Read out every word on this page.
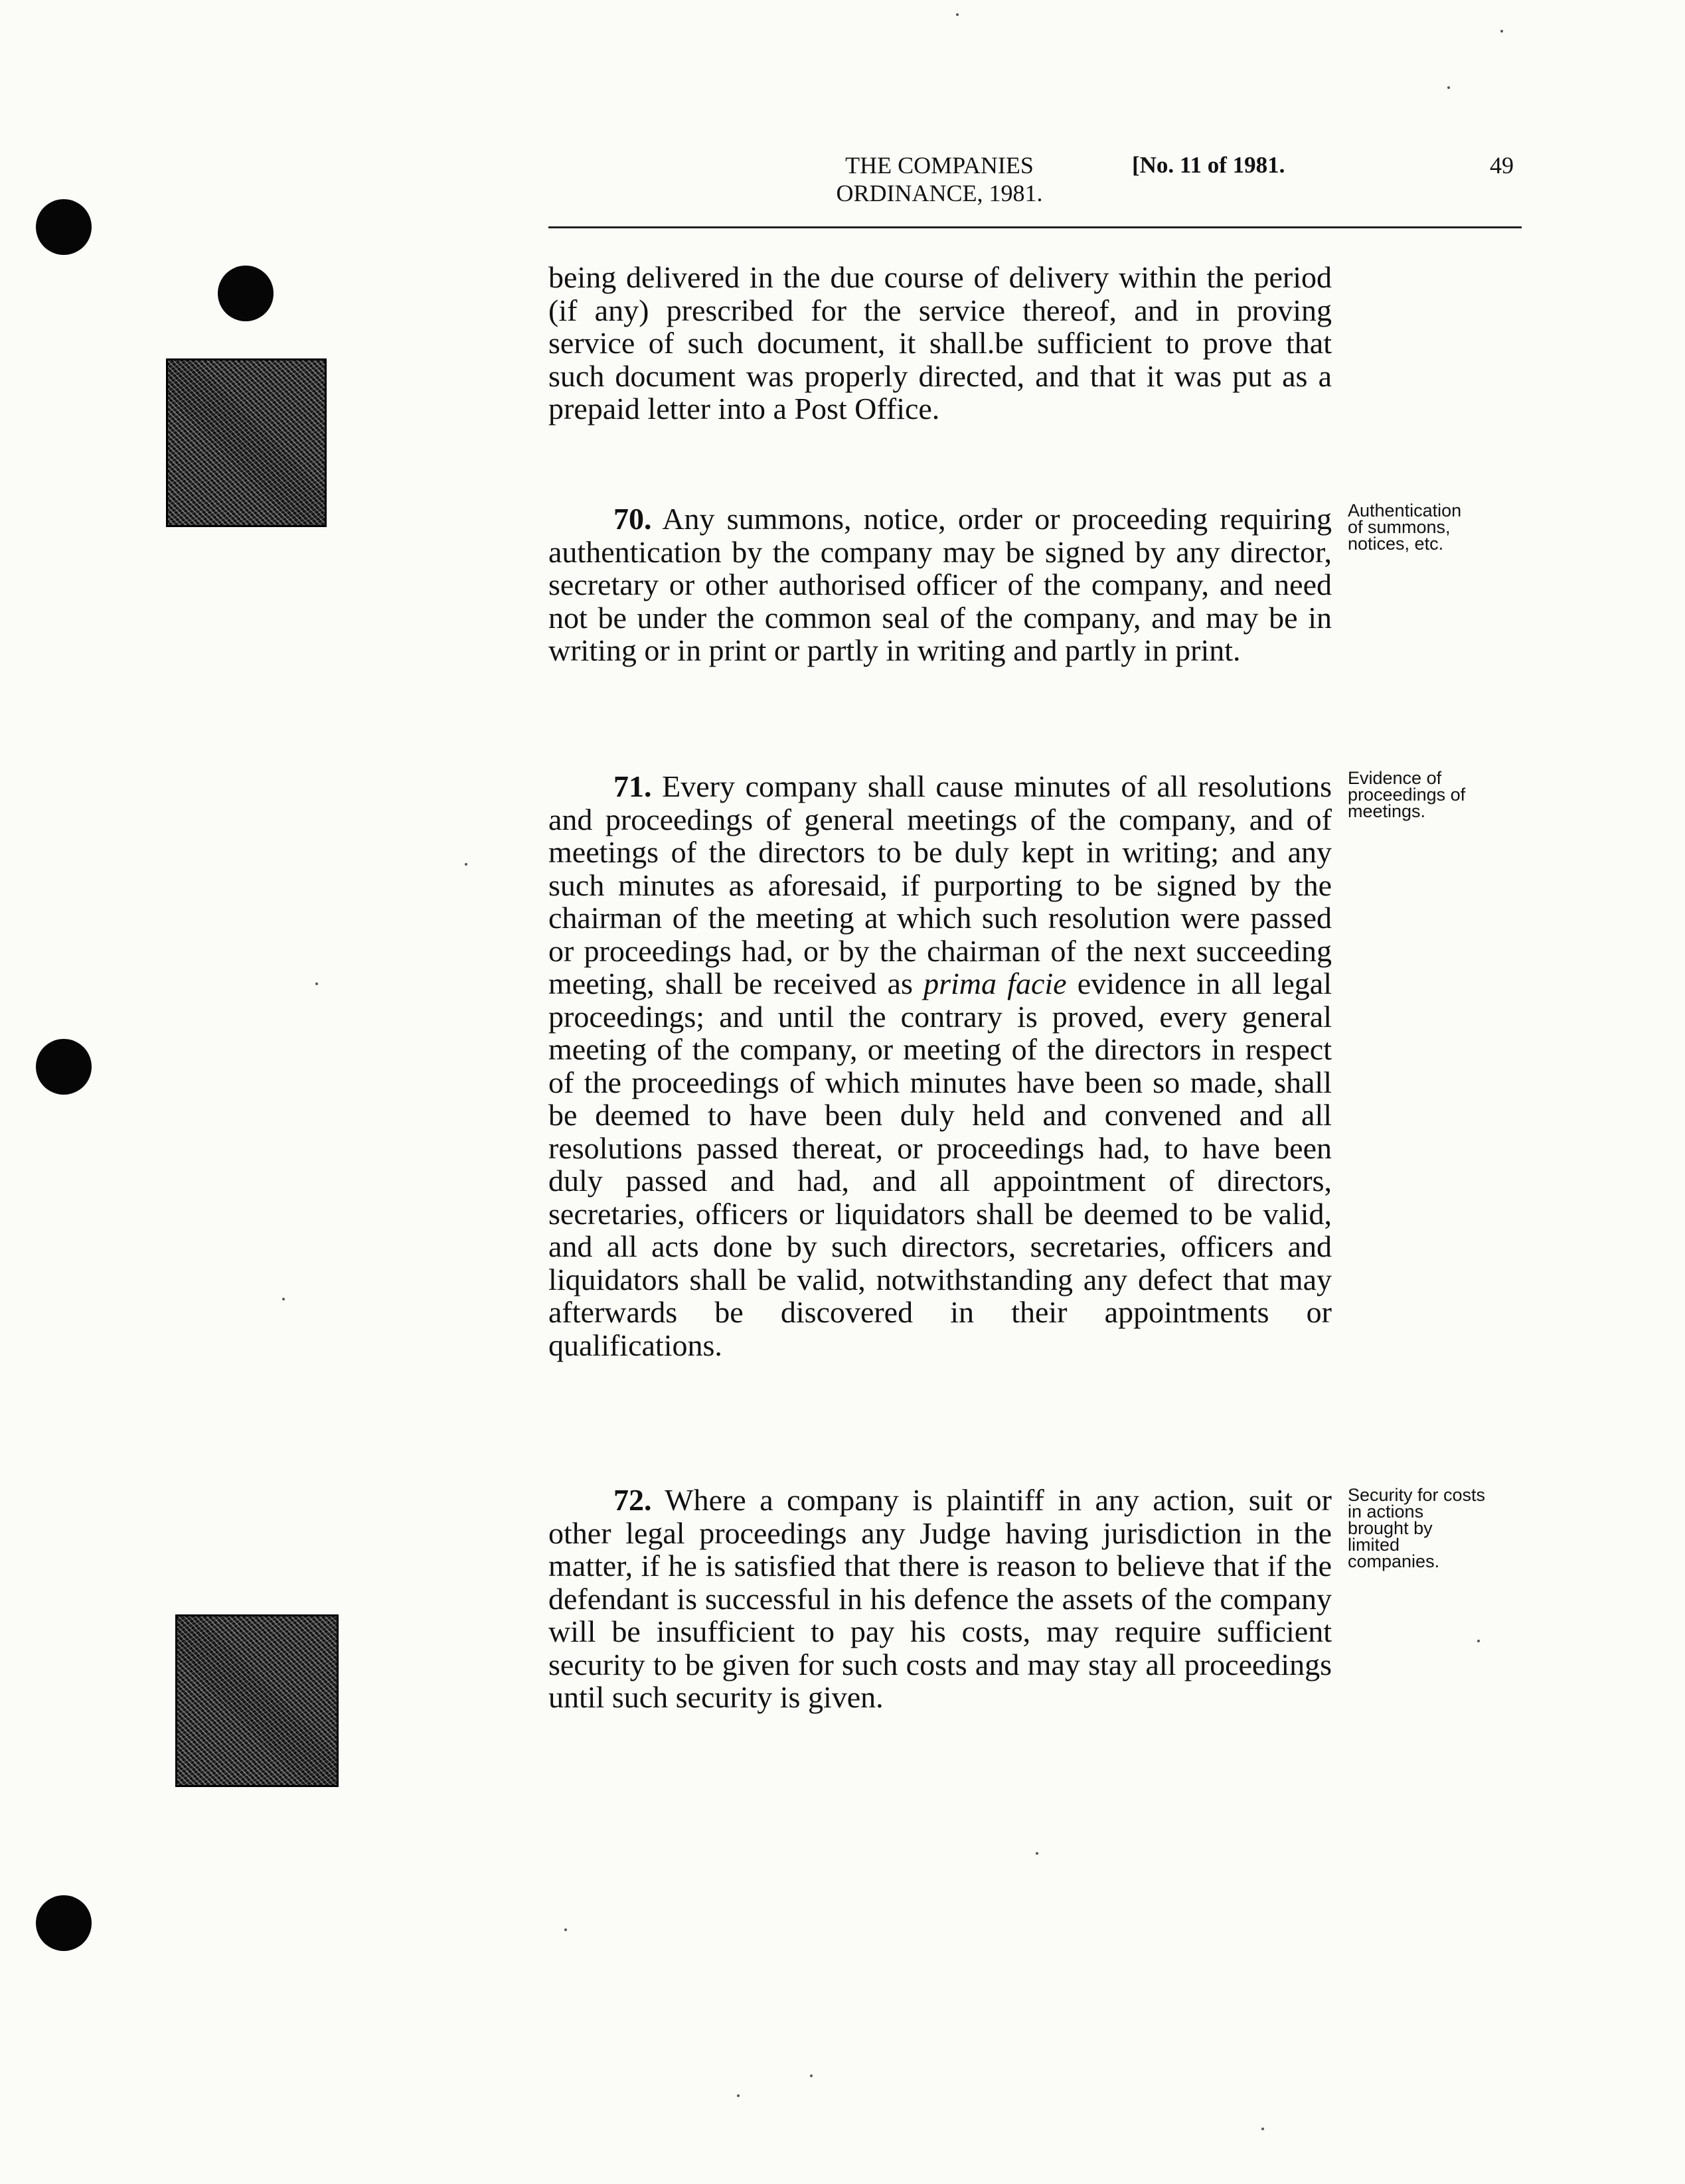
THE COMPANIES
ORDINANCE, 1981.
[No. 11 of 1981.	49
being delivered in the due course of delivery within the period (if any) prescribed for the service thereof, and in proving service of such document, it shall.be sufficient to prove that such document was properly directed, and that it was put as a prepaid letter into a Post Office.
70. Any summons, notice, order or proceeding requiring authentication by the company may be signed by any director, secretary or other authorised officer of the company, and need not be under the common seal of the company, and may be in writing or in print or partly in writing and partly in print.
Authentication
of summons,
notices, etc.
71. Every company shall cause minutes of all resolutions and proceedings of general meetings of the company, and of meetings of the directors to be duly kept in writing; and any such minutes as aforesaid, if purporting to be signed by the chairman of the meeting at which such resolution were passed or proceedings had, or by the chairman of the next succeeding meeting, shall be received as prima facie evidence in all legal proceedings; and until the contrary is proved, every general meeting of the company, or meeting of the directors in respect of the proceedings of which minutes have been so made, shall be deemed to have been duly held and convened and all resolutions passed thereat, or proceedings had, to have been duly passed and had, and all appointment of directors, secretaries, officers or liquidators shall be deemed to be valid, and all acts done by such directors, secretaries, officers and liquidators shall be valid, notwithstanding any defect that may afterwards be discovered in their appointments or qualifications.
Evidence of
proceedings of
meetings.
72. Where a company is plaintiff in any action, suit or other legal proceedings any Judge having jurisdiction in the matter, if he is satisfied that there is reason to believe that if the defendant is successful in his defence the assets of the company will be insufficient to pay his costs, may require sufficient security to be given for such costs and may stay all proceedings until such security is given.
Security for costs
in actions
brought by
limited
companies.
